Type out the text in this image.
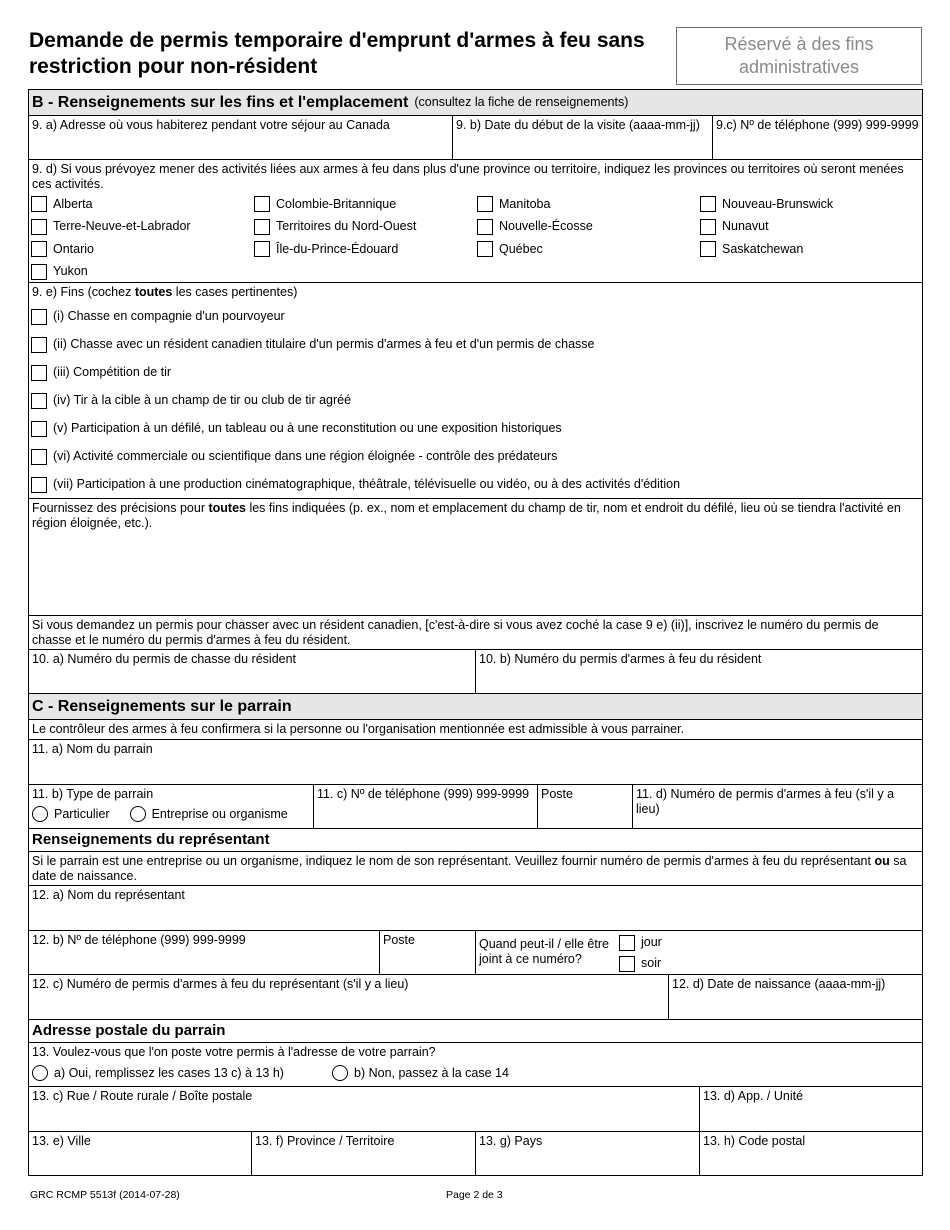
Demande de permis temporaire d'emprunt d'armes à feu sans restriction pour non-résident
Réservé à des fins administratives
B - Renseignements sur les fins et l'emplacement (consultez la fiche de renseignements)
9. a) Adresse où vous habiterez pendant votre séjour au Canada	9. b) Date du début de la visite (aaaa-mm-jj)	9.c) Nº de téléphone (999) 999-9999
9. d) Si vous prévoyez mener des activités liées aux armes à feu dans plus d'une province ou territoire, indiquez les provinces ou territoires où seront menées ces activités.
Alberta	Colombie-Britannique	Manitoba	Nouveau-Brunswick
Terre-Neuve-et-Labrador	Territoires du Nord-Ouest	Nouvelle-Écosse	Nunavut
Ontario	Île-du-Prince-Édouard	Québec	Saskatchewan
Yukon
9. e) Fins (cochez toutes les cases pertinentes)
(i) Chasse en compagnie d'un pourvoyeur
(ii) Chasse avec un résident canadien titulaire d'un permis d'armes à feu et d'un permis de chasse
(iii) Compétition de tir
(iv) Tir à la cible à un champ de tir ou club de tir agréé
(v) Participation à un défilé, un tableau ou à une reconstitution ou une exposition historiques
(vi) Activité commerciale ou scientifique dans une région éloignée - contrôle des prédateurs
(vii) Participation à une production cinématographique, théâtrale, télévisuelle ou vidéo, ou à des activités d'édition
Fournissez des précisions pour toutes les fins indiquées (p. ex., nom et emplacement du champ de tir, nom et endroit du défilé, lieu où se tiendra l'activité en région éloignée, etc.).
Si vous demandez un permis pour chasser avec un résident canadien, [c'est-à-dire si vous avez coché la case 9 e) (ii)], inscrivez le numéro du permis de chasse et le numéro du permis d'armes à feu du résident.
10. a) Numéro du permis de chasse du résident	10. b) Numéro du permis d'armes à feu du résident
C - Renseignements sur le parrain
Le contrôleur des armes à feu confirmera si la personne ou l'organisation mentionnée est admissible à vous parrainer.
11. a) Nom du parrain
11. b) Type de parrain
Particulier	Entreprise ou organisme
11. c) Nº de téléphone (999) 999-9999 Poste	11. d) Numéro de permis d'armes à feu (s'il y a lieu)
Renseignements du représentant
Si le parrain est une entreprise ou un organisme, indiquez le nom de son représentant. Veuillez fournir numéro de permis d'armes à feu du représentant ou sa date de naissance.
12. a) Nom du représentant
12. b) Nº de téléphone (999) 999-9999	Poste	Quand peut-il / elle être joint à ce numéro?
jour
soir
12. c) Numéro de permis d'armes à feu du représentant (s'il y a lieu)	12. d) Date de naissance (aaaa-mm-jj)
Adresse postale du parrain
13. Voulez-vous que l'on poste votre permis à l'adresse de votre parrain?
a) Oui, remplissez les cases 13 c) à 13 h)	b) Non, passez à la case 14
13. c) Rue / Route rurale / Boîte postale	13. d) App. / Unité
13. e) Ville	13. f) Province / Territoire	13. g) Pays	13. h) Code postal
GRC RCMP 5513f (2014-07-28)	Page 2 de 3
